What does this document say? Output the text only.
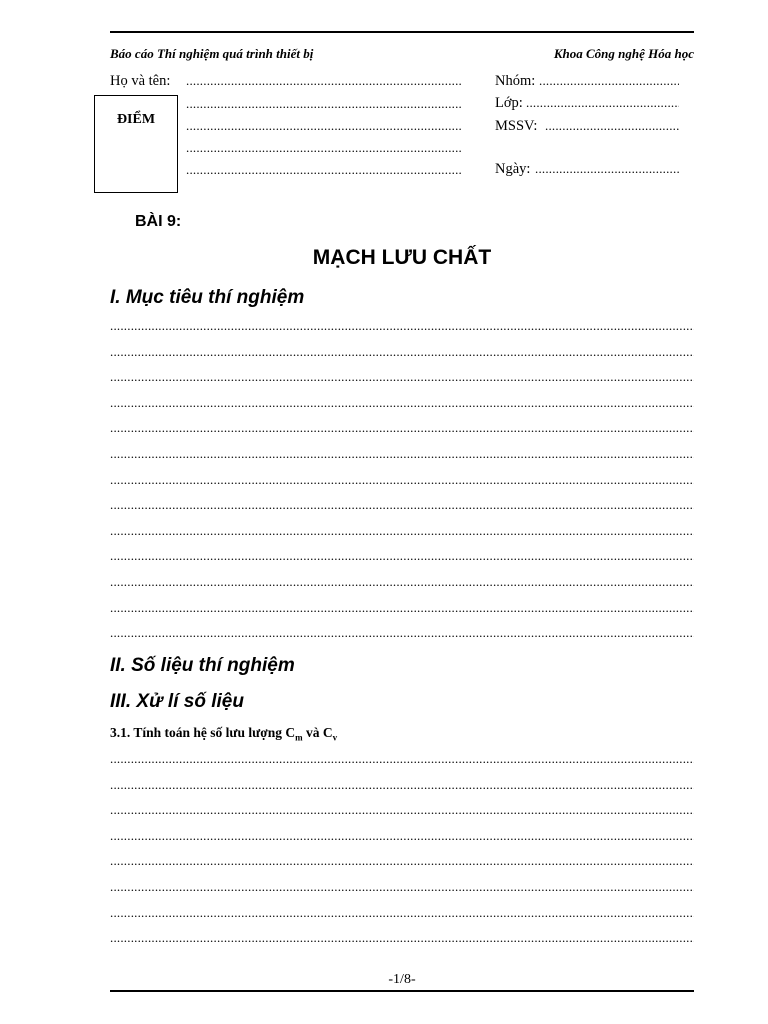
Báo cáo Thí nghiệm quá trình thiết bị	Khoa Công nghệ Hóa học
Họ và tên:
.....
.....
.....
.....
.....
ĐIỂM
Nhóm:
.....
Lớp:
.....
MSSV:
.....
Ngày:
.....
BÀI 9:
MẠCH LƯU CHẤT
I. Mục tiêu thí nghiệm
.....
.....
.....
.....
.....
.....
.....
.....
.....
.....
.....
.....
.....
II. Số liệu thí nghiệm
III. Xử lí số liệu
3.1. Tính toán hệ số lưu lượng $C_m$ và $C_v$
.....
.....
.....
.....
.....
.....
.....
.....
-1/8-
